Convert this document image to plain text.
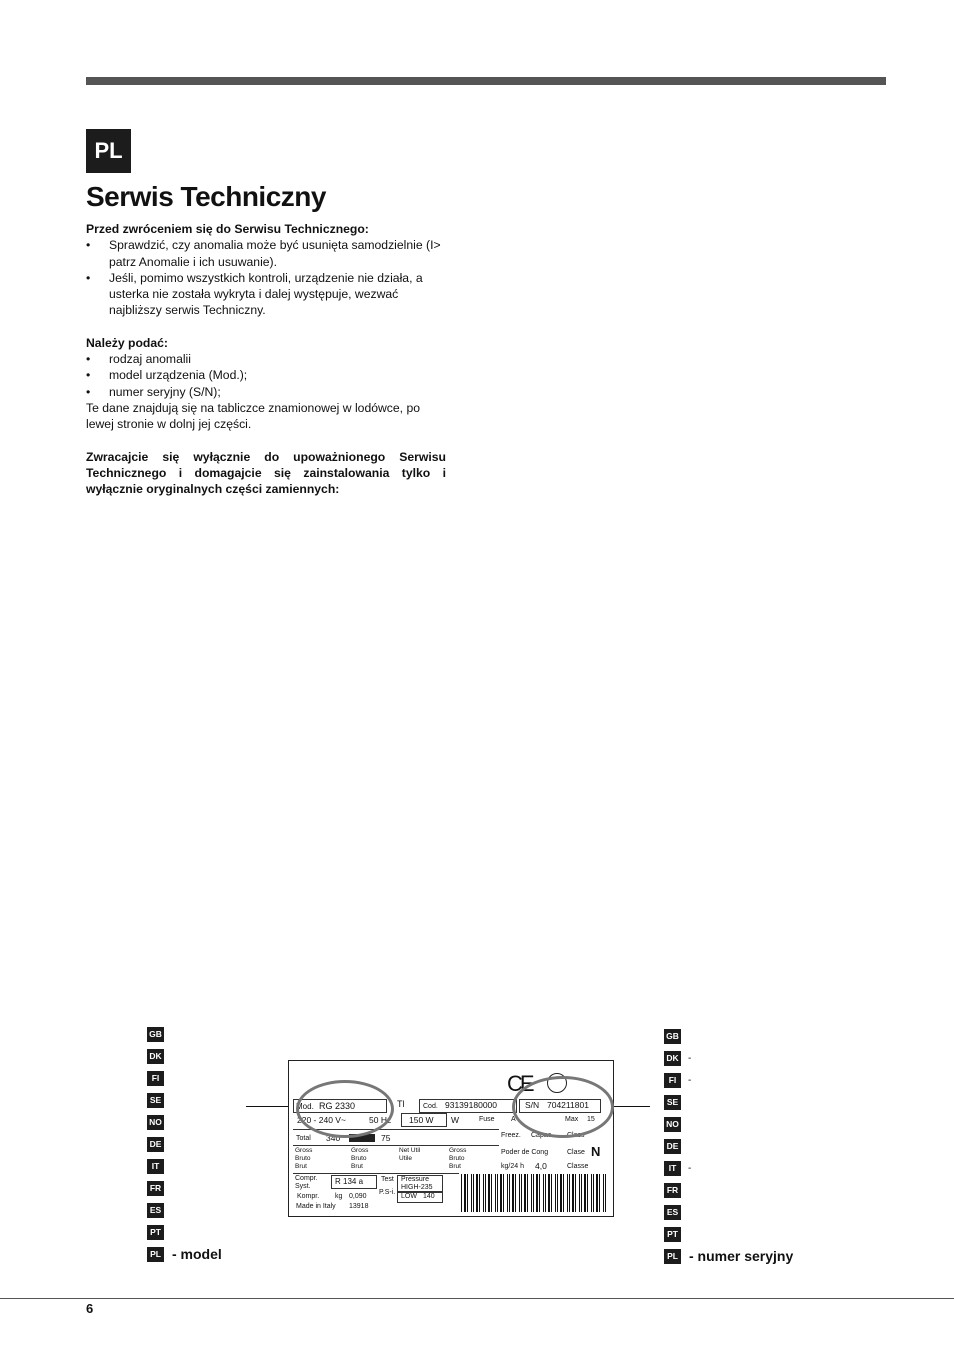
PL
Serwis Techniczny

Przed zwróceniem się do Serwisu Technicznego:

• Sprawdzić, czy anomalia może być usunięta samodzielnie (I> patrz Anomalie i ich usuwanie).
• Jeśli, pomimo wszystkich kontroli, urządzenie nie działa, a usterka nie została wykryta i dalej występuje, wezwać najbliższy serwis Techniczny.

Należy podać:

• rodzaj anomalii
• model urządzenia (Mod.);
• numer seryjny (S/N);

Te dane znajdują się na tabliczce znamionowej w lodówce, po lewej stronie w dolnj jej części.

Zwracajcie się wyłącznie do upoważnionego Serwisu Technicznego i domagajcie się zainstalowania tylko i wyłącznie oryginalnych części zamiennych:

GB
DK
FI
SE
NO
DE
IT
FR
ES
PT
PL - model
GB
DK -
FI	-
SE
NO
DE
IT	-
FR
ES
PT
PL - numer seryjny
CE
Mod. RG 2330	Tl	Cod. 93139180000	S/N 704211801
220 - 240 V~	50 Hz 150 W W	Fuse A	Max 15
Total 340	75	Freez. Capac Class
Gross Bruto Brut
Gross Bruto Brut
Net Util Utile
Gross Bruto Brut
Poder de Cong	Clase N
kg/24 h 4,0	Classe
Compr. Syst.
R 134 a	Test Pressure
HIGH-235
Kompr. kg 0,090
P.S-i.
LOW 140
Made in Italy 13918
6
